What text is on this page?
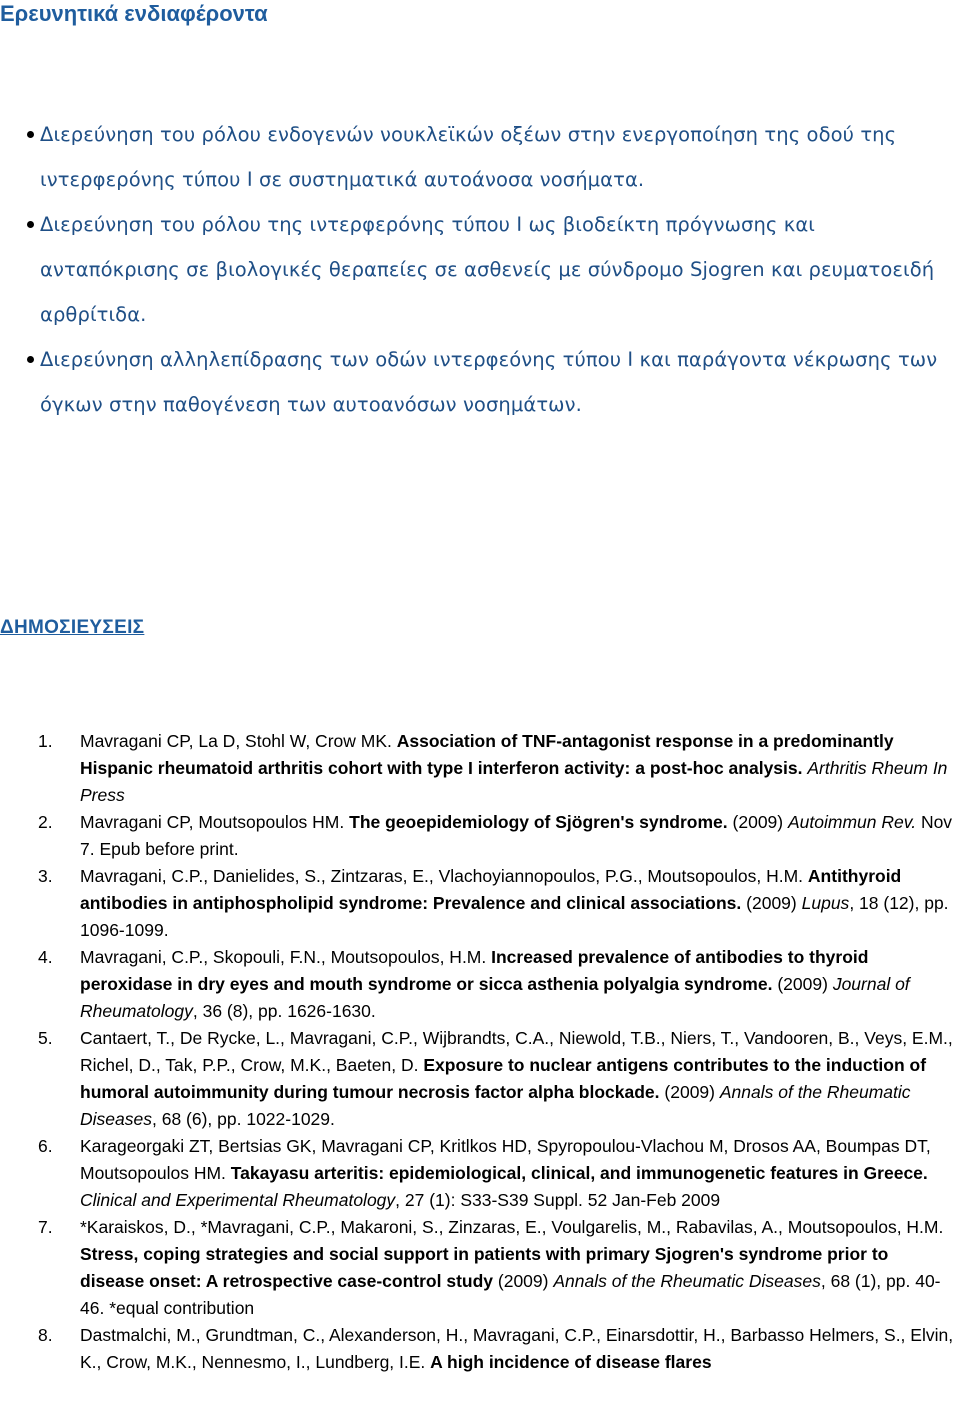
Ερευνητικά ενδιαφέροντα
Διερεύνηση του ρόλου ενδογενών νουκλεϊκών οξέων στην ενεργοποίηση της οδού της ιντερφερόνης τύπου Ι σε συστηματικά αυτοάνοσα νοσήματα.
Διερεύνηση του ρόλου της ιντερφερόνης τύπου Ι ως βιοδείκτη πρόγνωσης και ανταπόκρισης σε βιολογικές θεραπείες σε ασθενείς με σύνδρομο Sjogren και ρευματοειδή αρθρίτιδα.
Διερεύνηση αλληλεπίδρασης των οδών ιντερφεόνης τύπου Ι και παράγοντα νέκρωσης των όγκων στην παθογένεση των αυτοανόσων νοσημάτων.
ΔΗΜΟΣΙΕΥΣΕΙΣ
1. Mavragani CP, La D, Stohl W, Crow MK. Association of TNF-antagonist response in a predominantly Hispanic rheumatoid arthritis cohort with type I interferon activity: a post-hoc analysis. Arthritis Rheum In Press
2. Mavragani CP, Moutsopoulos HM. The geoepidemiology of Sjögren's syndrome. (2009) Autoimmun Rev. Nov 7. Epub before print.
3. Mavragani, C.P., Danielides, S., Zintzaras, E., Vlachoyiannopoulos, P.G., Moutsopoulos, H.M. Antithyroid antibodies in antiphospholipid syndrome: Prevalence and clinical associations. (2009) Lupus, 18 (12), pp. 1096-1099.
4. Mavragani, C.P., Skopouli, F.N., Moutsopoulos, H.M. Increased prevalence of antibodies to thyroid peroxidase in dry eyes and mouth syndrome or sicca asthenia polyalgia syndrome. (2009) Journal of Rheumatology, 36 (8), pp. 1626-1630.
5. Cantaert, T., De Rycke, L., Mavragani, C.P., Wijbrandts, C.A., Niewold, T.B., Niers, T., Vandooren, B., Veys, E.M., Richel, D., Tak, P.P., Crow, M.K., Baeten, D. Exposure to nuclear antigens contributes to the induction of humoral autoimmunity during tumour necrosis factor alpha blockade. (2009) Annals of the Rheumatic Diseases, 68 (6), pp. 1022-1029.
6. Karageorgaki ZT, Bertsias GK, Mavragani CP, Kritlkos HD, Spyropoulou-Vlachou M, Drosos AA, Boumpas DT, Moutsopoulos HM. Takayasu arteritis: epidemiological, clinical, and immunogenetic features in Greece. Clinical and Experimental Rheumatology, 27 (1): S33-S39 Suppl. 52 Jan-Feb 2009
7. *Karaiskos, D., *Mavragani, C.P., Makaroni, S., Zinzaras, E., Voulgarelis, M., Rabavilas, A., Moutsopoulos, H.M. Stress, coping strategies and social support in patients with primary Sjogren's syndrome prior to disease onset: A retrospective case-control study (2009) Annals of the Rheumatic Diseases, 68 (1), pp. 40-46. *equal contribution
8. Dastmalchi, M., Grundtman, C., Alexanderson, H., Mavragani, C.P., Einarsdottir, H., Barbasso Helmers, S., Elvin, K., Crow, M.K., Nennesmo, I., Lundberg, I.E. A high incidence of disease flares
